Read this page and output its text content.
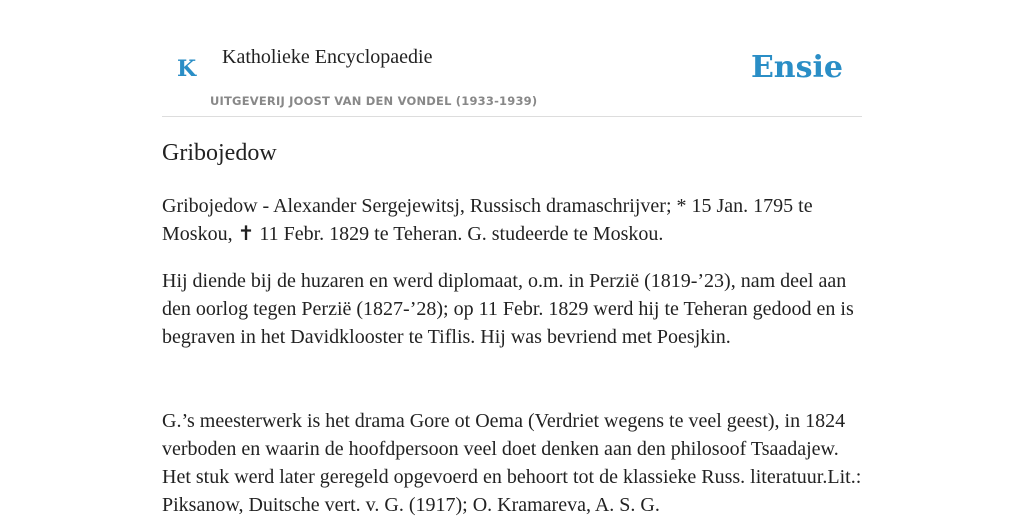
K Katholieke Encyclopaedie
UITGEVERIJ JOOST VAN DEN VONDEL (1933-1939)
Ensie
Gribojedow

Gribojedow - Alexander Sergejewitsj, Russisch dramaschrijver; * 15 Jan. 1795 te Moskou, ✝ 11 Febr. 1829 te Teheran. G. studeerde te Moskou.

Hij diende bij de huzaren en werd diplomaat, o.m. in Perzië (1819-’23), nam deel aan den oorlog tegen Perzië (1827-’28); op 11 Febr. 1829 werd hij te Teheran gedood en is begraven in het Davidklooster te Tiflis. Hij was bevriend met Poesjkin.

G.’s meesterwerk is het drama Gore ot Oema (Verdriet wegens te veel geest), in 1824 verboden en waarin de hoofdpersoon veel doet denken aan den philosoof Tsaadajew. Het stuk werd later geregeld opgevoerd en behoort tot de klassieke Russ. literatuur.Lit.: Piksanow, Duitsche vert. v. G. (1917); O. Kramareva, A. S. G.
